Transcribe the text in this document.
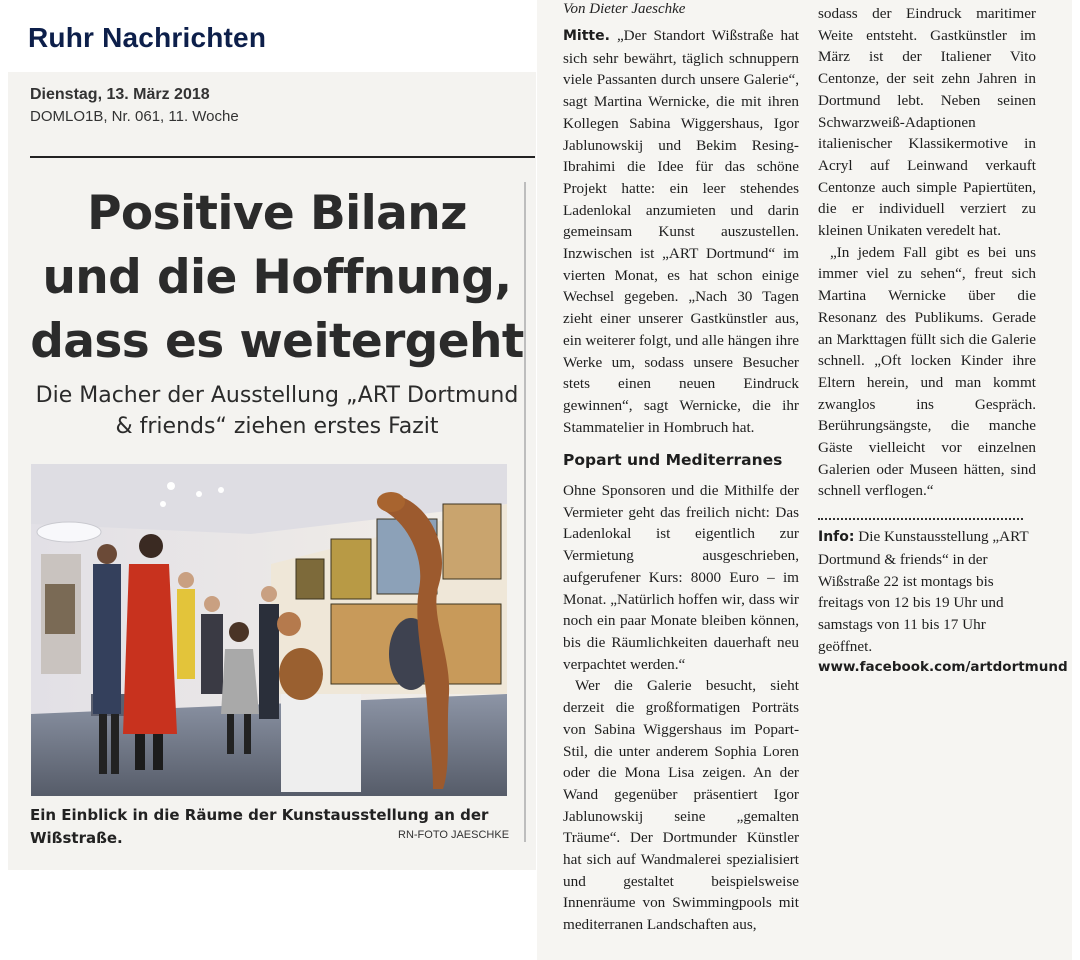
Ruhr Nachrichten
Dienstag, 13. März 2018
DOMLO1B, Nr. 061, 11. Woche
Positive Bilanz und die Hoffnung, dass es weitergeht
Die Macher der Ausstellung „ART Dortmund & friends“ ziehen erstes Fazit
Ein Einblick in die Räume der Kunstausstellung an der Wißstraße.	RN-FOTO JAESCHKE
Von Dieter Jaeschke

Mitte. „Der Standort Wißstraße hat sich sehr bewährt, täglich schnuppern viele Passanten durch unsere Galerie“, sagt Martina Wernicke, die mit ihren Kollegen Sabina Wiggershaus, Igor Jablunowskij und Bekim Resing-Ibrahimi die Idee für das schöne Projekt hatte: ein leer stehendes Ladenlokal anzumieten und darin gemeinsam Kunst auszustellen. Inzwischen ist „ART Dortmund“ im vierten Monat, es hat schon einige Wechsel gegeben. „Nach 30 Tagen zieht einer unserer Gastkünstler aus, ein weiterer folgt, und alle hängen ihre Werke um, sodass unsere Besucher stets einen neuen Eindruck gewinnen“, sagt Wernicke, die ihr Stammatelier in Hombruch hat.

Popart und Mediterranes

Ohne Sponsoren und die Mithilfe der Vermieter geht das freilich nicht: Das Ladenlokal ist eigentlich zur Vermietung ausgeschrieben, aufgerufener Kurs: 8000 Euro – im Monat. „Natürlich hoffen wir, dass wir noch ein paar Monate bleiben können, bis die Räumlichkeiten dauerhaft neu verpachtet werden.“

Wer die Galerie besucht, sieht derzeit die großformatigen Porträts von Sabina Wiggershaus im Popart-Stil, die unter anderem Sophia Loren oder die Mona Lisa zeigen. An der Wand gegenüber präsentiert Igor Jablunowskij seine „gemalten Träume“. Der Dortmunder Künstler hat sich auf Wandmalerei spezialisiert und gestaltet beispielsweise Innenräume von Swimmingpools mit mediterranen Landschaften aus,

sodass der Eindruck maritimer Weite entsteht. Gastkünstler im März ist der Italiener Vito Centonze, der seit zehn Jahren in Dortmund lebt. Neben seinen Schwarzweiß-Adaptionen italienischer Klassikermotive in Acryl auf Leinwand verkauft Centonze auch simple Papiertüten, die er individuell verziert zu kleinen Unikaten veredelt hat.

„In jedem Fall gibt es bei uns immer viel zu sehen“, freut sich Martina Wernicke über die Resonanz des Publikums. Gerade an Markttagen füllt sich die Galerie schnell. „Oft locken Kinder ihre Eltern herein, und man kommt zwanglos ins Gespräch. Berührungsängste, die manche Gäste vielleicht vor einzelnen Galerien oder Museen hätten, sind schnell verflogen.“

Info: Die Kunstausstellung „ART Dortmund & friends“ in der Wißstraße 22 ist montags bis freitags von 12 bis 19 Uhr und samstags von 11 bis 17 Uhr geöffnet.

www.facebook.com/artdortmund
